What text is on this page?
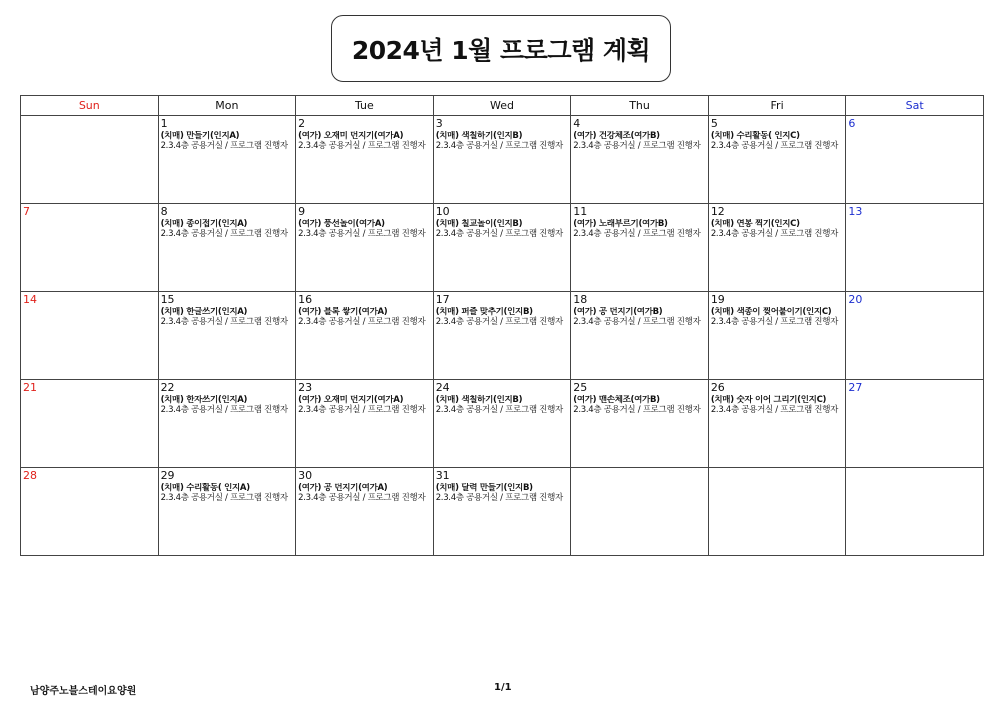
2024년 1월 프로그램 계획
Sun	Mon	Tue	Wed	Thu	Fri	Sat

	1
(치매) 만들기(인지A)
2.3.4층 공용거실 / 프로그램 진행자	2
(여가) 오재미 던지기(여가A)
2.3.4층 공용거실 / 프로그램 진행자	3
(치매) 색칠하기(인지B)
2.3.4층 공용거실 / 프로그램 진행자	4
(여가) 건강체조(여가B)
2.3.4층 공용거실 / 프로그램 진행자	5
(치매) 수리활동( 인지C)
2.3.4층 공용거실 / 프로그램 진행자	6

7	8
(치매) 종이접기(인지A)
2.3.4층 공용거실 / 프로그램 진행자	9
(여가) 풍선놀이(여가A)
2.3.4층 공용거실 / 프로그램 진행자	10
(치매) 칠교놀이(인지B)
2.3.4층 공용거실 / 프로그램 진행자	11
(여가) 노래부르기(여가B)
2.3.4층 공용거실 / 프로그램 진행자	12
(치매) 연봉 찍기(인지C)
2.3.4층 공용거실 / 프로그램 진행자	13

14	15
(치매) 한글쓰기(인지A)
2.3.4층 공용거실 / 프로그램 진행자	16
(여가) 블록 쌓기(여가A)
2.3.4층 공용거실 / 프로그램 진행자	17
(치매) 퍼즐 맞추기(인지B)
2.3.4층 공용거실 / 프로그램 진행자	18
(여가) 공 던지기(여가B)
2.3.4층 공용거실 / 프로그램 진행자	19
(치매) 색종이 찢어붙이기(인지C)
2.3.4층 공용거실 / 프로그램 진행자	20

21	22
(치매) 한자쓰기(인지A)
2.3.4층 공용거실 / 프로그램 진행자	23
(여가) 오재미 던지기(여가A)
2.3.4층 공용거실 / 프로그램 진행자	24
(치매) 색칠하기(인지B)
2.3.4층 공용거실 / 프로그램 진행자	25
(여가) 맨손체조(여가B)
2.3.4층 공용거실 / 프로그램 진행자	26
(치매) 숫자 이어 그리기(인지C)
2.3.4층 공용거실 / 프로그램 진행자	27

28	29
(치매) 수리활동( 인지A)
2.3.4층 공용거실 / 프로그램 진행자	30
(여가) 공 던지기(여가A)
2.3.4층 공용거실 / 프로그램 진행자	31
(치매) 달력 만들기(인지B)
2.3.4층 공용거실 / 프로그램 진행자			

남양주노블스테이요양원	1/1
